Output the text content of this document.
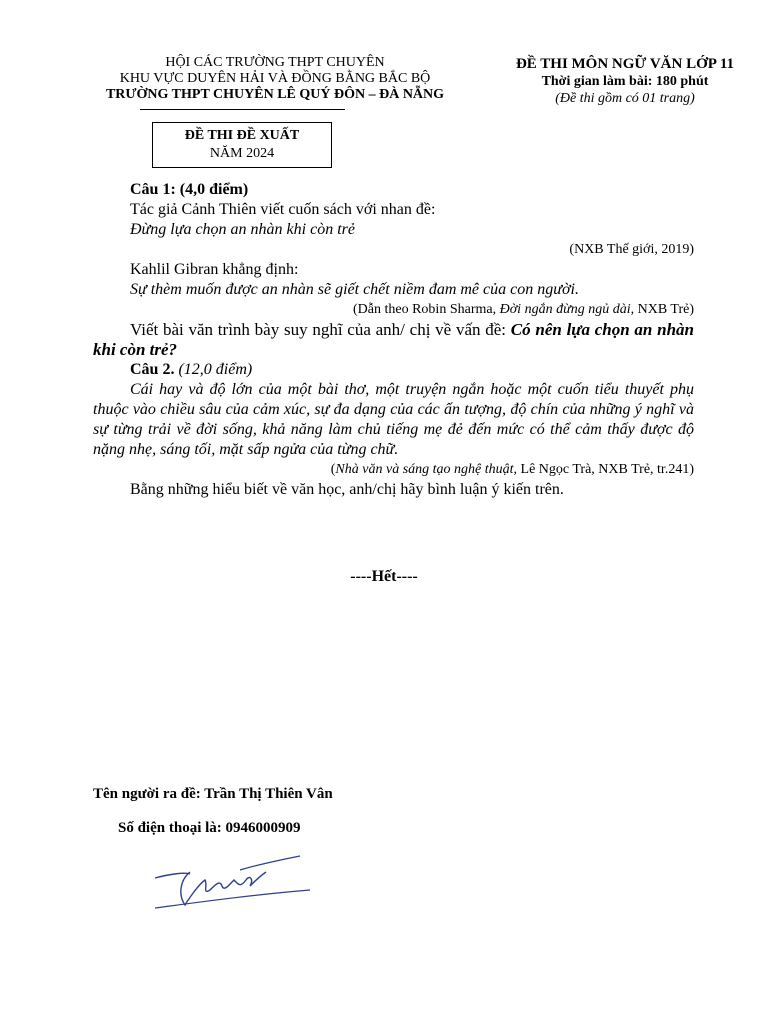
HỘI CÁC TRƯỜNG THPT CHUYÊN
KHU VỰC DUYÊN HẢI VÀ ĐỒNG BẰNG BẮC BỘ
TRƯỜNG THPT CHUYÊN LÊ QUÝ ĐÔN – ĐÀ NẴNG
ĐỀ THI MÔN NGỮ VĂN LỚP 11
Thời gian làm bài: 180 phút
(Đề thi gồm có 01 trang)
ĐỀ THI ĐỀ XUẤT
NĂM 2024

Câu 1: (4,0 điểm)

Tác giả Cảnh Thiên viết cuốn sách với nhan đề:

Đừng lựa chọn an nhàn khi còn trẻ

(NXB Thế giới, 2019)

Kahlil Gibran khẳng định:

Sự thèm muốn được an nhàn sẽ giết chết niềm đam mê của con người.

(Dẫn theo Robin Sharma, Đời ngắn đừng ngủ dài, NXB Trẻ)

Viết bài văn trình bày suy nghĩ của anh/ chị về vấn đề: Có nên lựa chọn an nhàn khi còn trẻ?

Câu 2. (12,0 điểm)

Cái hay và độ lớn của một bài thơ, một truyện ngắn hoặc một cuốn tiểu thuyết phụ thuộc vào chiều sâu của cảm xúc, sự đa dạng của các ấn tượng, độ chín của những ý nghĩ và sự từng trải về đời sống, khả năng làm chủ tiếng mẹ đẻ đến mức có thể cảm thấy được độ nặng nhẹ, sáng tối, mặt sấp ngửa của từng chữ.

(Nhà văn và sáng tạo nghệ thuật, Lê Ngọc Trà, NXB Trẻ, tr.241)

Bằng những hiểu biết về văn học, anh/chị hãy bình luận ý kiến trên.

----Hết----
Tên người ra đề: Trần Thị Thiên Vân
Số điện thoại là: 0946000909
